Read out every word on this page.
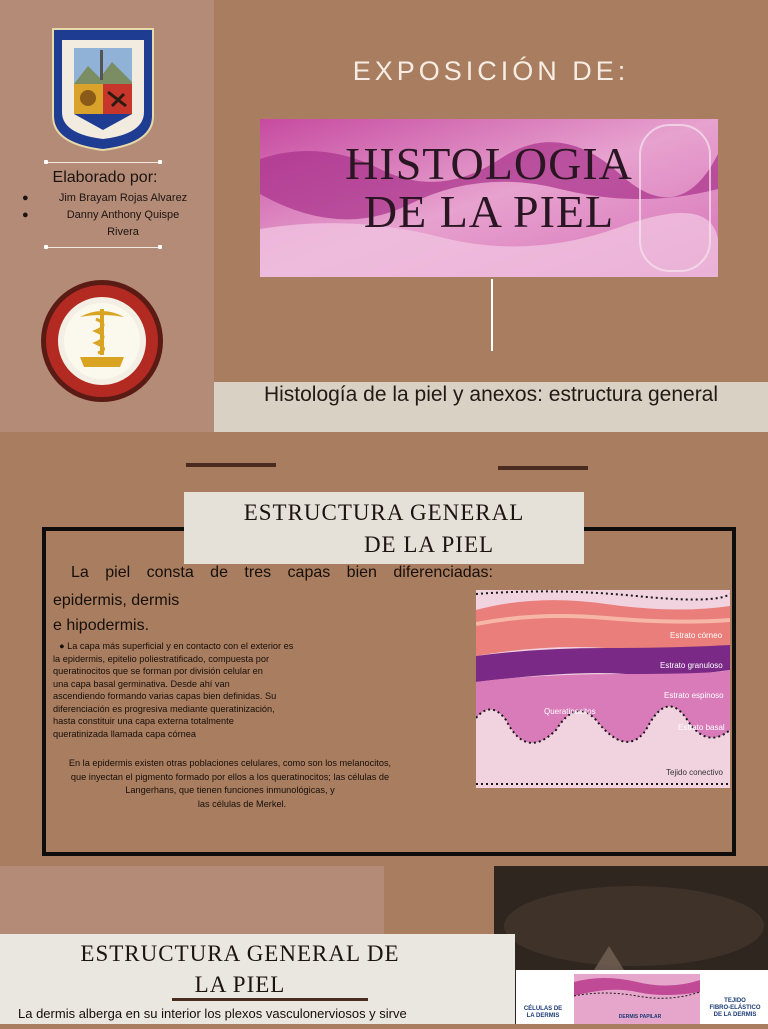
Elaborado por:
●	Jim Brayam Rojas Alvarez
●	Danny Anthony Quispe
Rivera
EXPOSICIÓN DE:
HISTOLOGIA
DE LA PIEL
Histología de la piel y anexos: estructura general
ESTRUCTURA GENERAL
DE LA PIEL
La piel consta de tres capas bien diferenciadas:
epidermis, dermis
e hipodermis.
● La capa más superficial y en contacto con el exterior es
la epidermis, epitelio poliestratificado, compuesta por
queratinocitos que se forman por división celular en
una capa basal germinativa. Desde ahí van
ascendiendo formando varias capas bien definidas. Su
diferenciación es progresiva mediante queratinización,
hasta constituir una capa externa totalmente
queratinizada llamada capa córnea
En la epidermis existen otras poblaciones celulares, como son los melanocitos,
que inyectan el pigmento formado por ellos a los queratinocitos; las células de
Langerhans, que tienen funciones inmunológicas, y
las células de Merkel.
Estrato córneo
Estrato granuloso
Estrato espinoso
Estrato basal
Queratinocitos
Tejido conectivo
ESTRUCTURA GENERAL DE
LA PIEL
La dermis alberga en su interior los plexos vasculonerviosos y sirve	CÉLULAS DE
LA DERMIS	DERMIS PAPILAR
TEJIDO
FIBRO-ELÁSTICO
DE LA DERMIS
